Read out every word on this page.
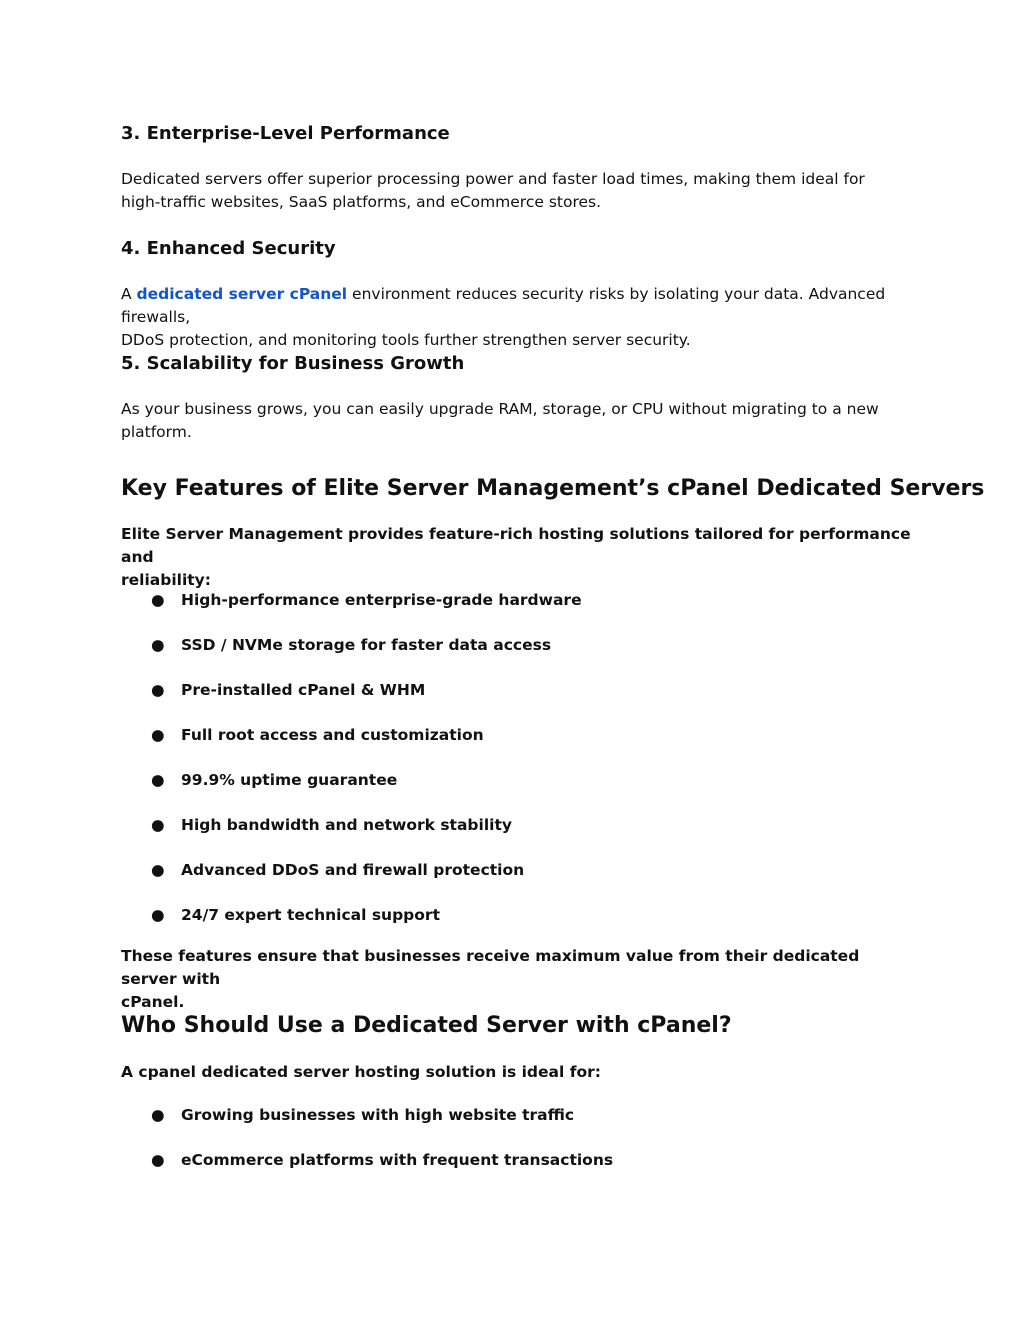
3. Enterprise-Level Performance

Dedicated servers offer superior processing power and faster load times, making them ideal for
high-traffic websites, SaaS platforms, and eCommerce stores.

4. Enhanced Security

A dedicated server cPanel environment reduces security risks by isolating your data. Advanced firewalls,
DDoS protection, and monitoring tools further strengthen server security.

5. Scalability for Business Growth

As your business grows, you can easily upgrade RAM, storage, or CPU without migrating to a new
platform.

Key Features of Elite Server Management’s cPanel Dedicated Servers

Elite Server Management provides feature-rich hosting solutions tailored for performance and
reliability:

● High-performance enterprise-grade hardware
● SSD / NVMe storage for faster data access
● Pre-installed cPanel & WHM
● Full root access and customization
● 99.9% uptime guarantee
● High bandwidth and network stability
● Advanced DDoS and firewall protection
● 24/7 expert technical support

These features ensure that businesses receive maximum value from their dedicated server with
cPanel.

Who Should Use a Dedicated Server with cPanel?

A cpanel dedicated server hosting solution is ideal for:

● Growing businesses with high website traffic
● eCommerce platforms with frequent transactions
